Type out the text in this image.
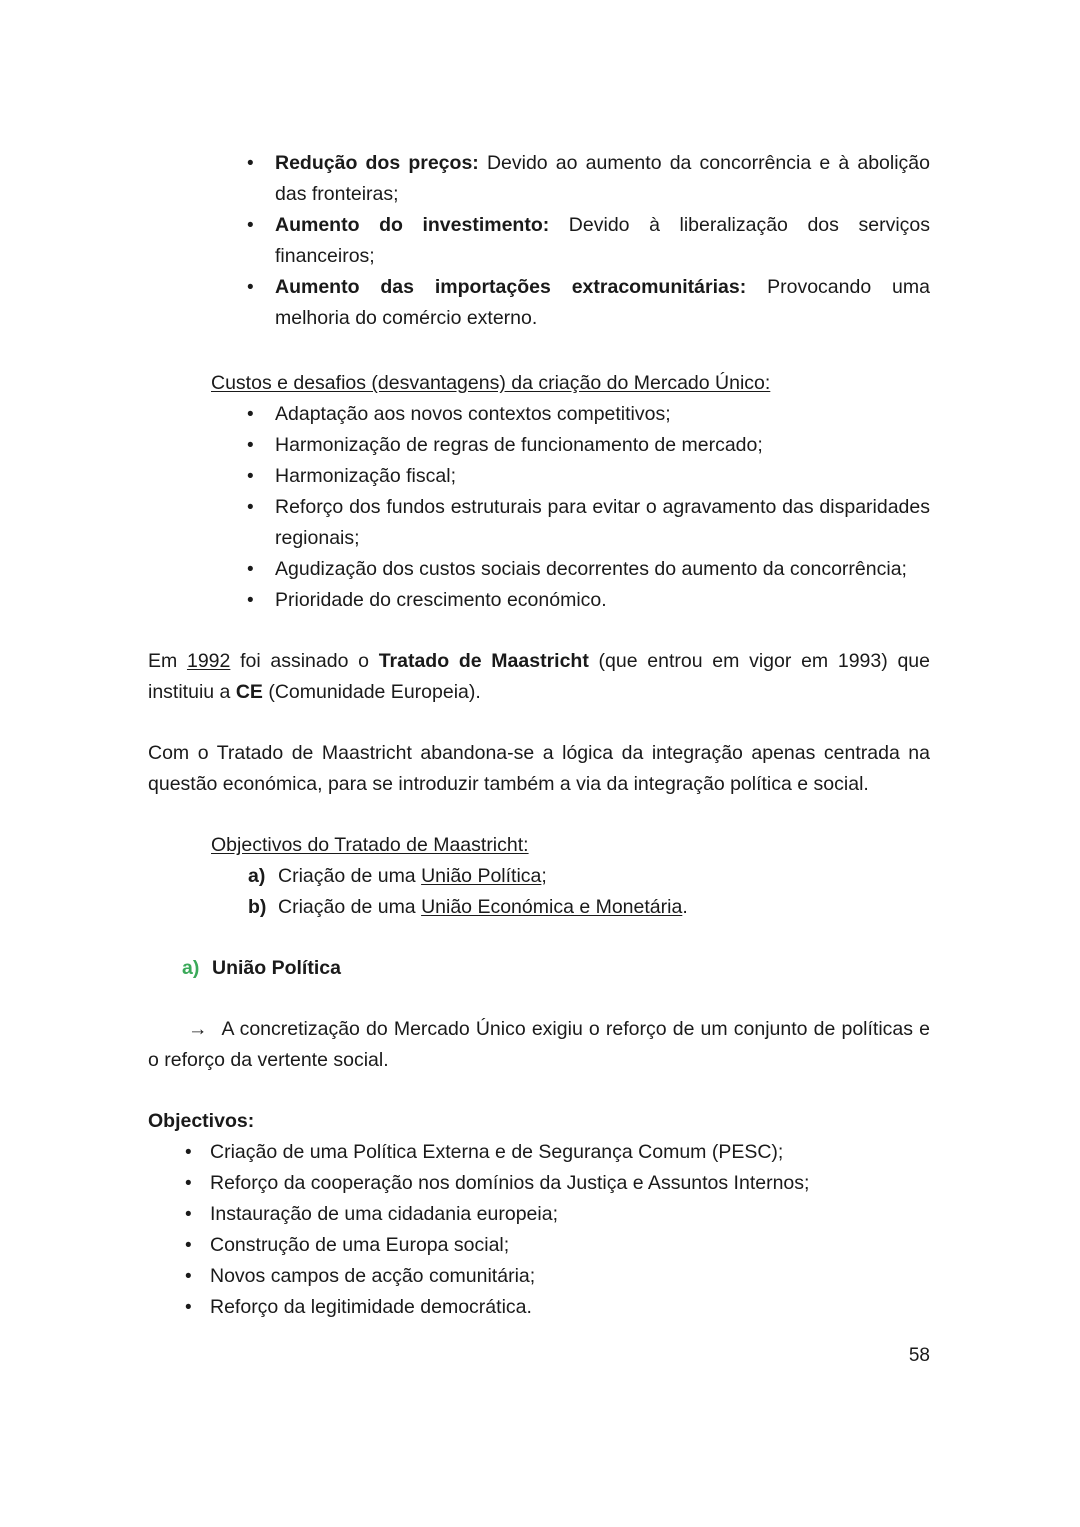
• Redução dos preços: Devido ao aumento da concorrência e à abolição das fronteiras;
• Aumento do investimento: Devido à liberalização dos serviços financeiros;
• Aumento das importações extracomunitárias: Provocando uma melhoria do comércio externo.
Custos e desafios (desvantagens) da criação do Mercado Único:
• Adaptação aos novos contextos competitivos;
• Harmonização de regras de funcionamento de mercado;
• Harmonização fiscal;
• Reforço dos fundos estruturais para evitar o agravamento das disparidades regionais;
• Agudização dos custos sociais decorrentes do aumento da concorrência;
• Prioridade do crescimento económico.

Em 1992 foi assinado o Tratado de Maastricht (que entrou em vigor em 1993) que instituiu a CE (Comunidade Europeia).

Com o Tratado de Maastricht abandona-se a lógica da integração apenas centrada na questão económica, para se introduzir também a via da integração política e social.

Objectivos do Tratado de Maastricht:
a) Criação de uma União Política;
b) Criação de uma União Económica e Monetária.
a) União Política

→ A concretização do Mercado Único exigiu o reforço de um conjunto de políticas e o reforço da vertente social.

Objectivos:
• Criação de uma Política Externa e de Segurança Comum (PESC);
• Reforço da cooperação nos domínios da Justiça e Assuntos Internos;
• Instauração de uma cidadania europeia;
• Construção de uma Europa social;
• Novos campos de acção comunitária;
• Reforço da legitimidade democrática.
58
